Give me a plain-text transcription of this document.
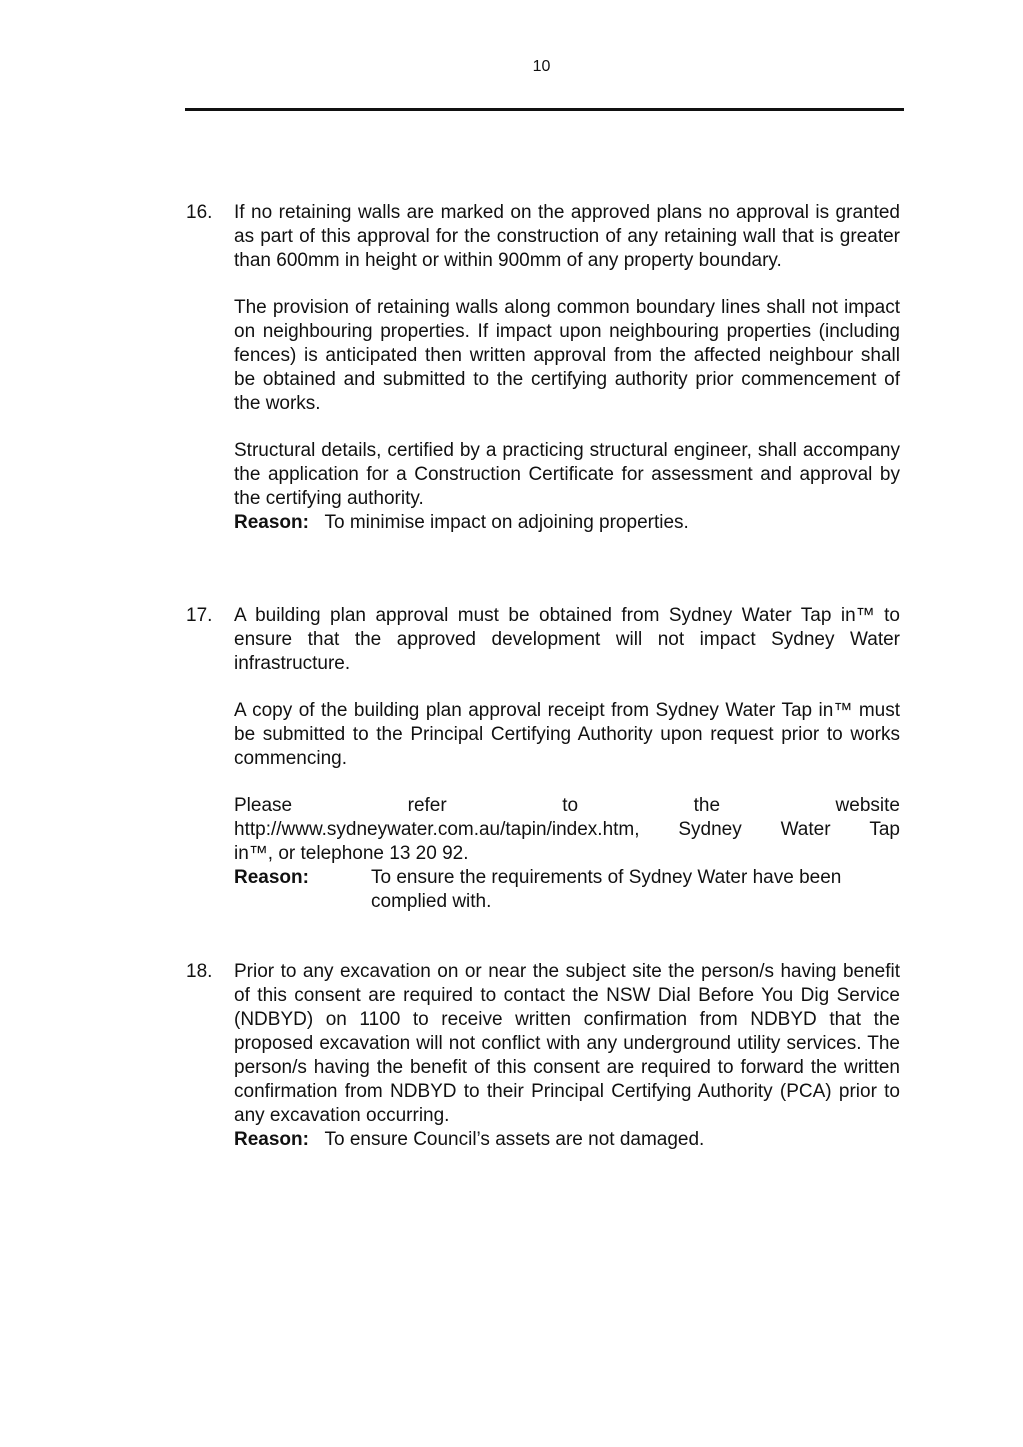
10
16.	If no retaining walls are marked on the approved plans no approval is granted as part of this approval for the construction of any retaining wall that is greater than 600mm in height or within 900mm of any property boundary.

The provision of retaining walls along common boundary lines shall not impact on neighbouring properties. If impact upon neighbouring properties (including fences) is anticipated then written approval from the affected neighbour shall be obtained and submitted to the certifying authority prior commencement of the works.

Structural details, certified by a practicing structural engineer, shall accompany the application for a Construction Certificate for assessment and approval by the certifying authority.

Reason: To minimise impact on adjoining properties.

17.	A building plan approval must be obtained from Sydney Water Tap in™ to ensure that the approved development will not impact Sydney Water infrastructure.

A copy of the building plan approval receipt from Sydney Water Tap in™ must be submitted to the Principal Certifying Authority upon request prior to works commencing.

Please	refer	to	the	website
http://www.sydneywater.com.au/tapin/index.htm, Sydney Water Tap
in™, or telephone 13 20 92.
Reason:	To ensure the requirements of Sydney Water have been complied with.
18.	Prior to any excavation on or near the subject site the person/s having benefit of this consent are required to contact the NSW Dial Before You Dig Service (NDBYD) on 1100 to receive written confirmation from NDBYD that the proposed excavation will not conflict with any underground utility services. The person/s having the benefit of this consent are required to forward the written confirmation from NDBYD to their Principal Certifying Authority (PCA) prior to any excavation occurring.

Reason: To ensure Council’s assets are not damaged.
